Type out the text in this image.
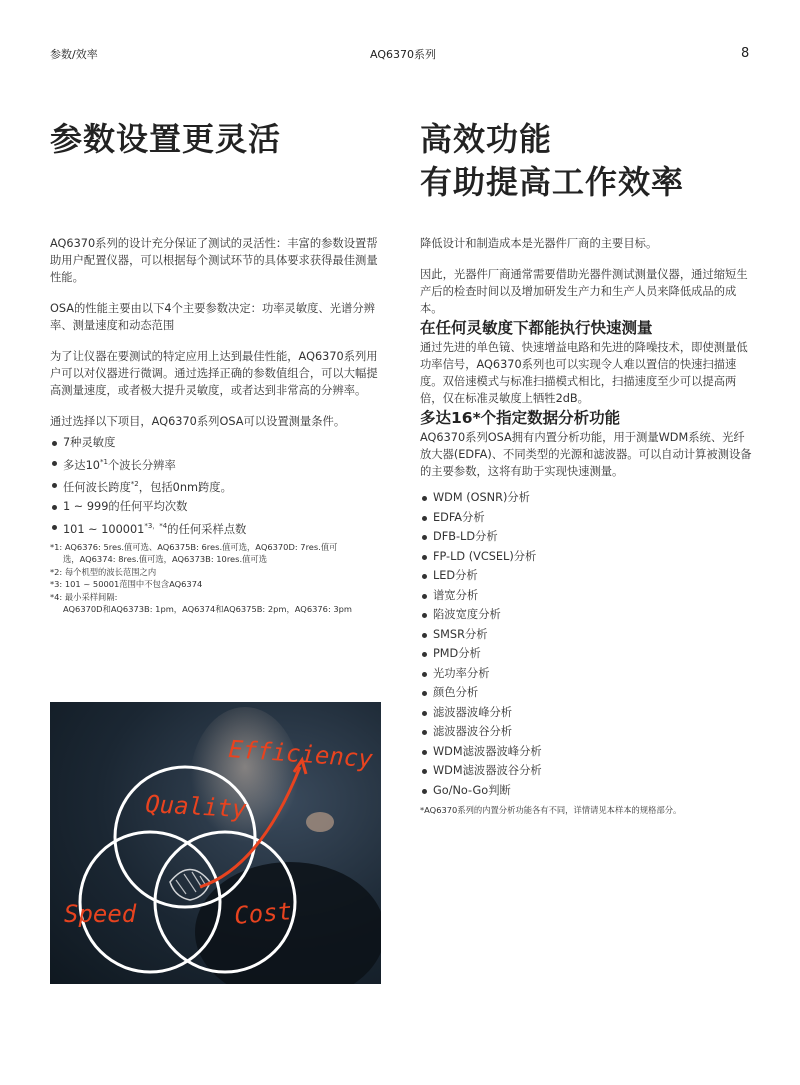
参数/效率	AQ6370系列	8
参数设置更灵活	高效功能
有助提高工作效率

AQ6370系列的设计充分保证了测试的灵活性：丰富的参数设置帮助用户配置仪器，可以根据每个测试环节的具体要求获得最佳测量性能。

OSA的性能主要由以下4个主要参数决定：功率灵敏度、光谱分辨率、测量速度和动态范围

为了让仪器在要测试的特定应用上达到最佳性能，AQ6370系列用户可以对仪器进行微调。通过选择正确的参数值组合，可以大幅提高测量速度，或者极大提升灵敏度，或者达到非常高的分辨率。

通过选择以下项目，AQ6370系列OSA可以设置测量条件。

7种灵敏度
多达10$^{*1}$个波长分辨率
任何波长跨度$^{*2}$，包括0nm跨度。
1 ~ 999的任何平均次数
101 ~ $100001^{*3,*4}$的任何采样点数
*1: AQ6376: 5res.值可选、AQ6375B: 6res.值可选，AQ6370D: 7res.值可
选，AQ6374: 8res.值可选，AQ6373B: 10res.值可选
*2: 每个机型的波长范围之内
*3: 101 ~ 50001范围中不包含AQ6374
*4: 最小采样间隔:
AQ6370D和AQ6373B: 1pm，AQ6374和AQ6375B: 2pm，AQ6376: 3pm
Efficiency
Quality
Speed	Cost

降低设计和制造成本是光器件厂商的主要目标。

因此，光器件厂商通常需要借助光器件测试测量仪器，通过缩短生产后的检查时间以及增加研发生产力和生产人员来降低成品的成本。

在任何灵敏度下都能执行快速测量

通过先进的单色镜、快速增益电路和先进的降噪技术，即使测量低功率信号，AQ6370系列也可以实现令人难以置信的快速扫描速度。双倍速模式与标准扫描模式相比，扫描速度至少可以提高两倍，仅在标准灵敏度上牺牲2dB。

多达16*个指定数据分析功能

AQ6370系列OSA拥有内置分析功能，用于测量WDM系统、光纤放大器(EDFA)、不同类型的光源和滤波器。可以自动计算被测设备的主要参数，这将有助于实现快速测量。

WDM (OSNR)分析
EDFA分析
DFB-LD分析
FP-LD (VCSEL)分析
LED分析
谱宽分析
陷波宽度分析
SMSR分析
PMD分析
光功率分析
颜色分析
滤波器波峰分析
滤波器波谷分析
WDM滤波器波峰分析
WDM滤波器波谷分析
Go/No-Go判断
*AQ6370系列的内置分析功能各有不同，详情请见本样本的规格部分。
